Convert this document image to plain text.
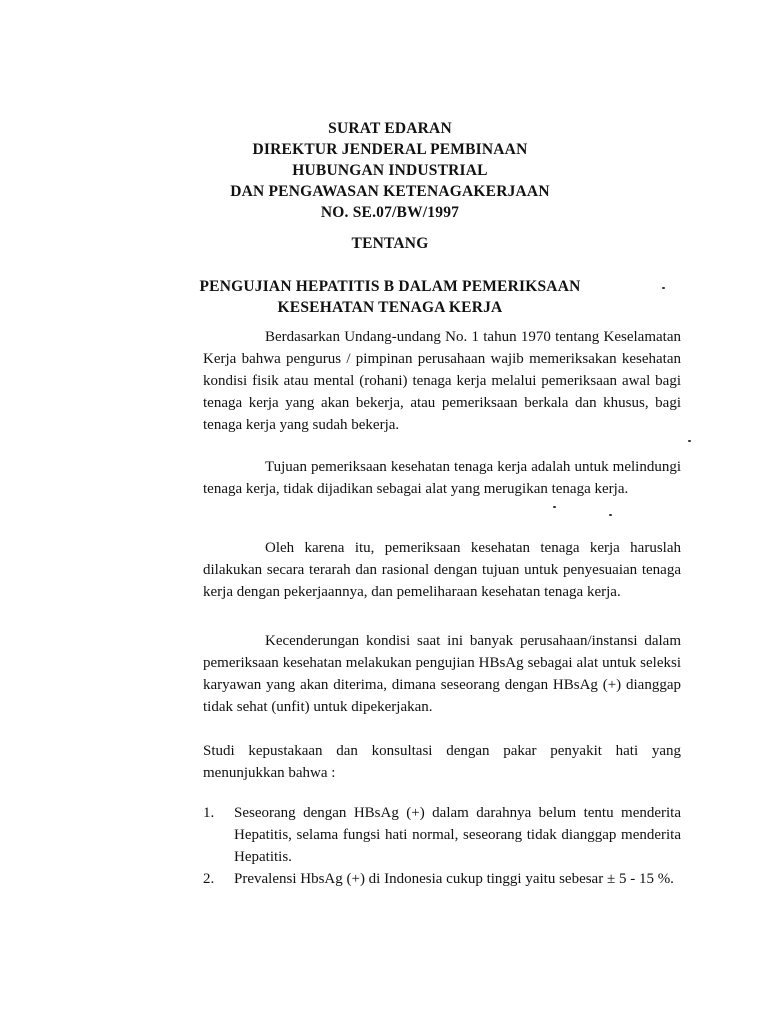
SURAT EDARAN
DIREKTUR JENDERAL PEMBINAAN
HUBUNGAN INDUSTRIAL
DAN PENGAWASAN KETENAGAKERJAAN
NO. SE.07/BW/1997
TENTANG
PENGUJIAN HEPATITIS B DALAM PEMERIKSAAN
KESEHATAN TENAGA KERJA

Berdasarkan Undang-undang No. 1 tahun 1970 tentang Keselamatan Kerja bahwa pengurus / pimpinan perusahaan wajib memeriksakan kesehatan kondisi fisik atau mental (rohani) tenaga kerja melalui pemeriksaan awal bagi tenaga kerja yang akan bekerja, atau pemeriksaan berkala dan khusus, bagi tenaga kerja yang sudah bekerja.

Tujuan pemeriksaan kesehatan tenaga kerja adalah untuk melindungi tenaga kerja, tidak dijadikan sebagai alat yang merugikan tenaga kerja.

Oleh karena itu, pemeriksaan kesehatan tenaga kerja haruslah dilakukan secara terarah dan rasional dengan tujuan untuk penyesuaian tenaga kerja dengan pekerjaannya, dan pemeliharaan kesehatan tenaga kerja.

Kecenderungan kondisi saat ini banyak perusahaan/instansi dalam pemeriksaan kesehatan melakukan pengujian HBsAg sebagai alat untuk seleksi karyawan yang akan diterima, dimana seseorang dengan HBsAg (+) dianggap tidak sehat (unfit) untuk dipekerjakan.

Studi kepustakaan dan konsultasi dengan pakar penyakit hati yang menunjukkan bahwa :

1.	Seseorang dengan HBsAg (+) dalam darahnya belum tentu menderita Hepatitis, selama fungsi hati normal, seseorang tidak dianggap menderita Hepatitis.
2.	Prevalensi HbsAg (+) di Indonesia cukup tinggi yaitu sebesar ± 5 - 15 %.
